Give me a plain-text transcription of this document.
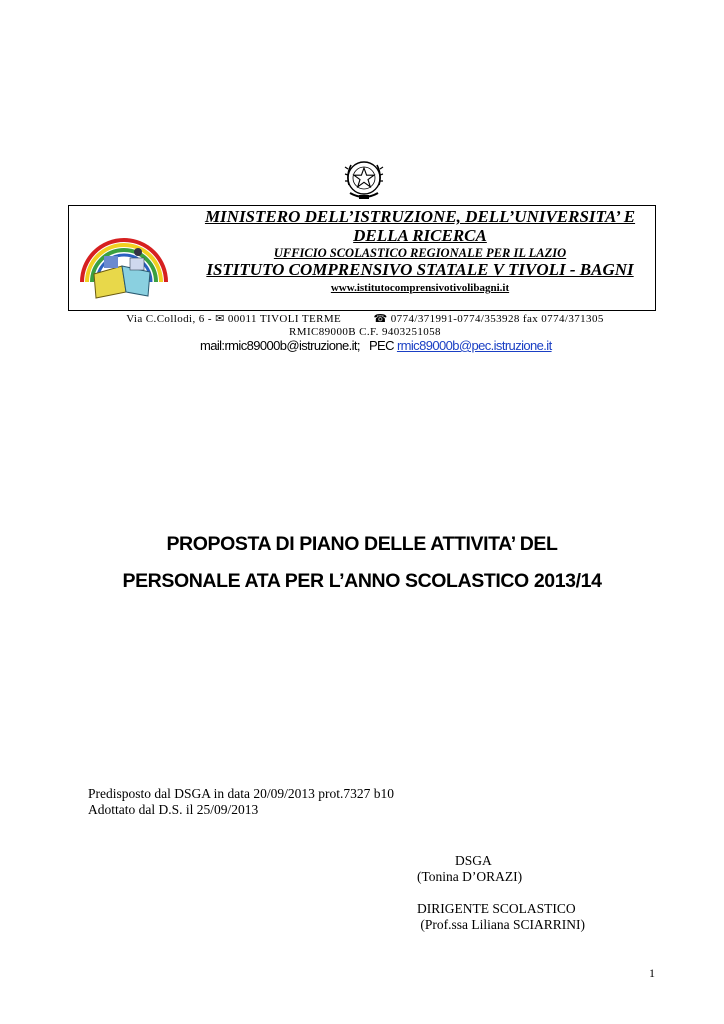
MINISTERO DELL’ISTRUZIONE, DELL’UNIVERSITA’ E DELLA RICERCA
UFFICIO SCOLASTICO REGIONALE PER IL LAZIO
ISTITUTO COMPRENSIVO STATALE V TIVOLI - BAGNI
www.istitutocomprensivotivolibagni.it
Via C.Collodi, 6 - ✉ 00011 TIVOLI TERME	☎ 0774/371991-0774/353928 fax 0774/371305
RMIC89000B C.F. 9403251058
mail:rmic89000b@istruzione.it; PEC rmic89000b@pec.istruzione.it
PROPOSTA DI PIANO DELLE ATTIVITA’ DEL
PERSONALE ATA PER L’ANNO SCOLASTICO 2013/14
Predisposto dal DSGA in data 20/09/2013 prot.7327 b10
Adottato dal D.S. il 25/09/2013
DSGA
(Tonina D’ORAZI)
DIRIGENTE SCOLASTICO
(Prof.ssa Liliana SCIARRINI)
1
